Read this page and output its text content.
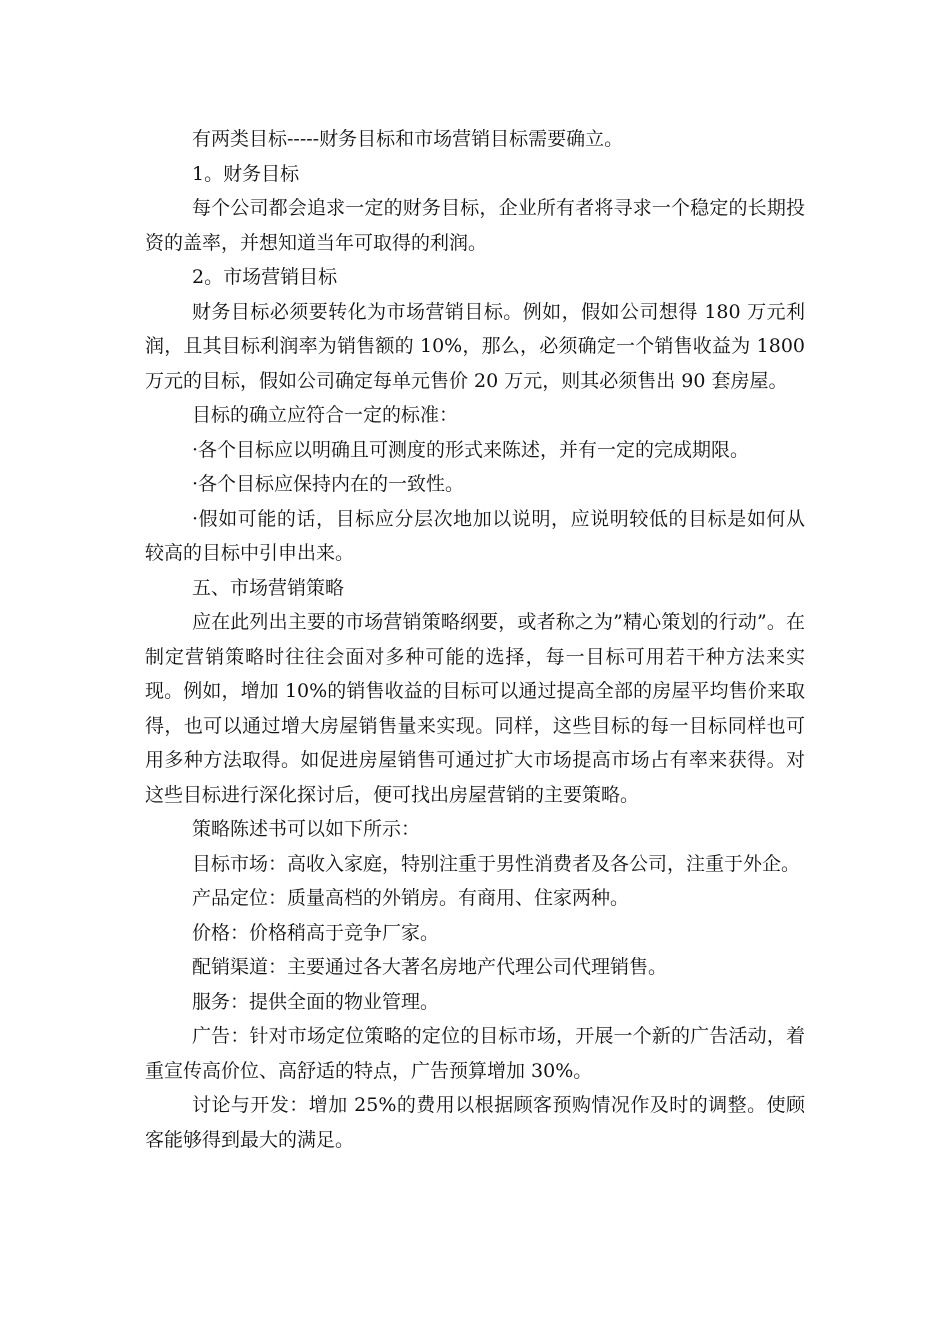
有两类目标-----财务目标和市场营销目标需要确立。

1。财务目标

每个公司都会追求一定的财务目标，企业所有者将寻求一个稳定的长期投资的盖率，并想知道当年可取得的利润。

2。市场营销目标

财务目标必须要转化为市场营销目标。例如，假如公司想得 180 万元利润，且其目标利润率为销售额的 10%，那么，必须确定一个销售收益为 1800 万元的目标，假如公司确定每单元售价 20 万元，则其必须售出 90 套房屋。

目标的确立应符合一定的标准：

·各个目标应以明确且可测度的形式来陈述，并有一定的完成期限。

·各个目标应保持内在的一致性。

·假如可能的话，目标应分层次地加以说明，应说明较低的目标是如何从较高的目标中引申出来。

五、市场营销策略

应在此列出主要的市场营销策略纲要，或者称之为”精心策划的行动”。在制定营销策略时往往会面对多种可能的选择，每一目标可用若干种方法来实现。例如，增加 10%的销售收益的目标可以通过提高全部的房屋平均售价来取得，也可以通过增大房屋销售量来实现。同样，这些目标的每一目标同样也可用多种方法取得。如促进房屋销售可通过扩大市场提高市场占有率来获得。对这些目标进行深化探讨后，便可找出房屋营销的主要策略。

策略陈述书可以如下所示：

目标市场：高收入家庭，特别注重于男性消费者及各公司，注重于外企。

产品定位：质量高档的外销房。有商用、住家两种。

价格：价格稍高于竞争厂家。

配销渠道：主要通过各大著名房地产代理公司代理销售。

服务：提供全面的物业管理。

广告：针对市场定位策略的定位的目标市场，开展一个新的广告活动，着重宣传高价位、高舒适的特点，广告预算增加 30%。

讨论与开发：增加 25%的费用以根据顾客预购情况作及时的调整。使顾客能够得到最大的满足。
